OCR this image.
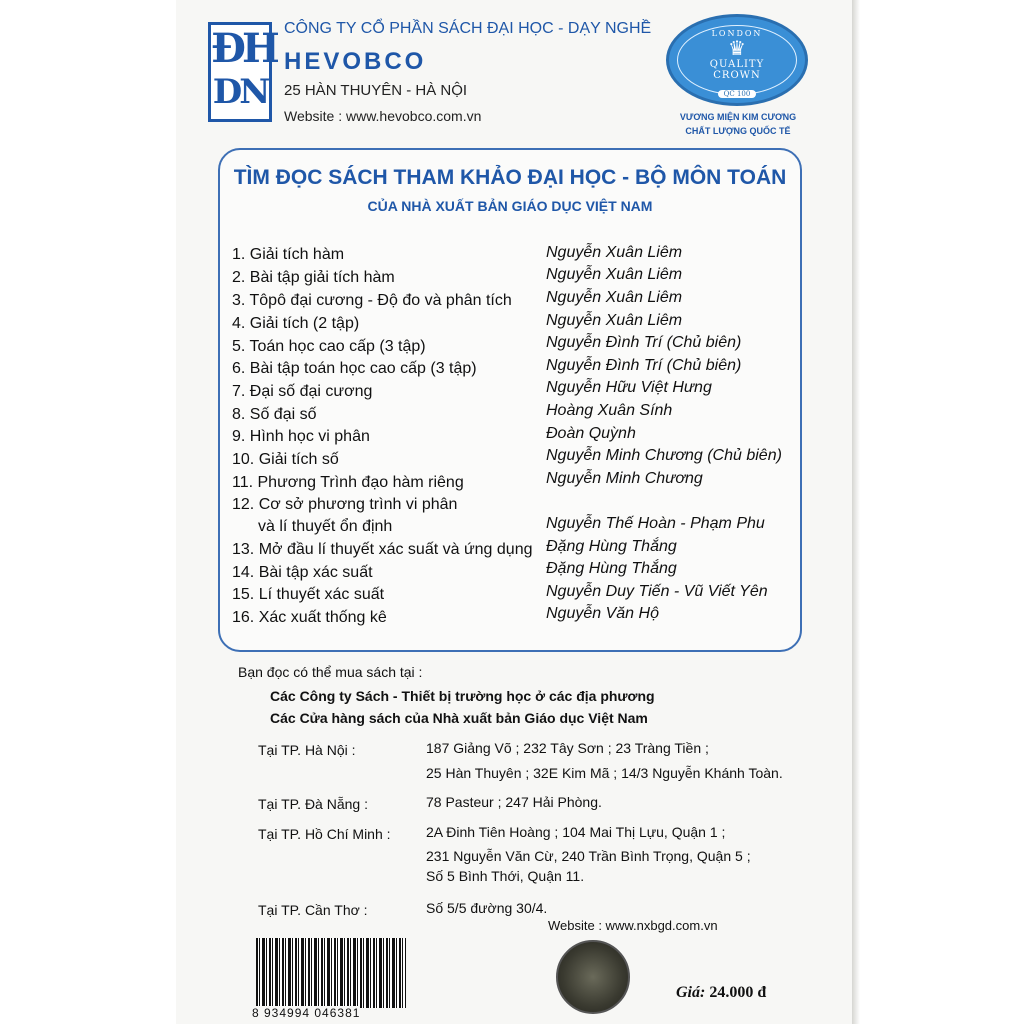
ĐH
DN
CÔNG TY CỔ PHẦN SÁCH ĐẠI HỌC - DẠY NGHỀ
HEVOBCO
25 HÀN THUYÊN - HÀ NỘI
Website : www.hevobco.com.vn
LONDON
♛
QUALITY
CROWN
QC 100
VƯƠNG MIỆN KIM CƯƠNG
CHẤT LƯỢNG QUỐC TẾ
TÌM ĐỌC SÁCH THAM KHẢO ĐẠI HỌC - BỘ MÔN TOÁN
CỦA NHÀ XUẤT BẢN GIÁO DỤC VIỆT NAM
1. Giải tích hàm	Nguyễn Xuân Liêm
2. Bài tập giải tích hàm	Nguyễn Xuân Liêm
3. Tôpô đại cương - Độ đo và phân tích Nguyễn Xuân Liêm
4. Giải tích (2 tập)	Nguyễn Xuân Liêm
5. Toán học cao cấp (3 tập)	Nguyễn Đình Trí (Chủ biên)
6. Bài tập toán học cao cấp (3 tập)	Nguyễn Đình Trí (Chủ biên)
7. Đại số đại cương	Nguyễn Hữu Việt Hưng
8. Số đại số	Hoàng Xuân Sính
9. Hình học vi phân	Đoàn Quỳnh
10. Giải tích số	Nguyễn Minh Chương (Chủ biên)
11. Phương Trình đạo hàm riêng	Nguyễn Minh Chương
12. Cơ sở phương trình vi phân
và lí thuyết ổn định	Nguyễn Thế Hoàn - Phạm Phu
13. Mở đầu lí thuyết xác suất và ứng dụng Đặng Hùng Thắng
14. Bài tập xác suất	Đặng Hùng Thắng
15. Lí thuyết xác suất	Nguyễn Duy Tiến - Vũ Viết Yên
16. Xác xuất thống kê	Nguyễn Văn Hộ
Bạn đọc có thể mua sách tại :
Các Công ty Sách - Thiết bị trường học ở các địa phương
Các Cửa hàng sách của Nhà xuất bản Giáo dục Việt Nam
Tại TP. Hà Nội :	187 Giảng Võ ; 232 Tây Sơn ; 23 Tràng Tiền ;
25 Hàn Thuyên ; 32E Kim Mã ; 14/3 Nguyễn Khánh Toàn.
Tại TP. Đà Nẵng :	78 Pasteur ; 247 Hải Phòng.
Tại TP. Hồ Chí Minh :	2A Đinh Tiên Hoàng ; 104 Mai Thị Lựu, Quận 1 ;
231 Nguyễn Văn Cừ, 240 Trần Bình Trọng, Quận 5 ;
Số 5 Bình Thới, Quận 11.
Tại TP. Cần Thơ :	Số 5/5 đường 30/4.
Website : www.nxbgd.com.vn
8 934994 046381
Giá: 24.000 đ
